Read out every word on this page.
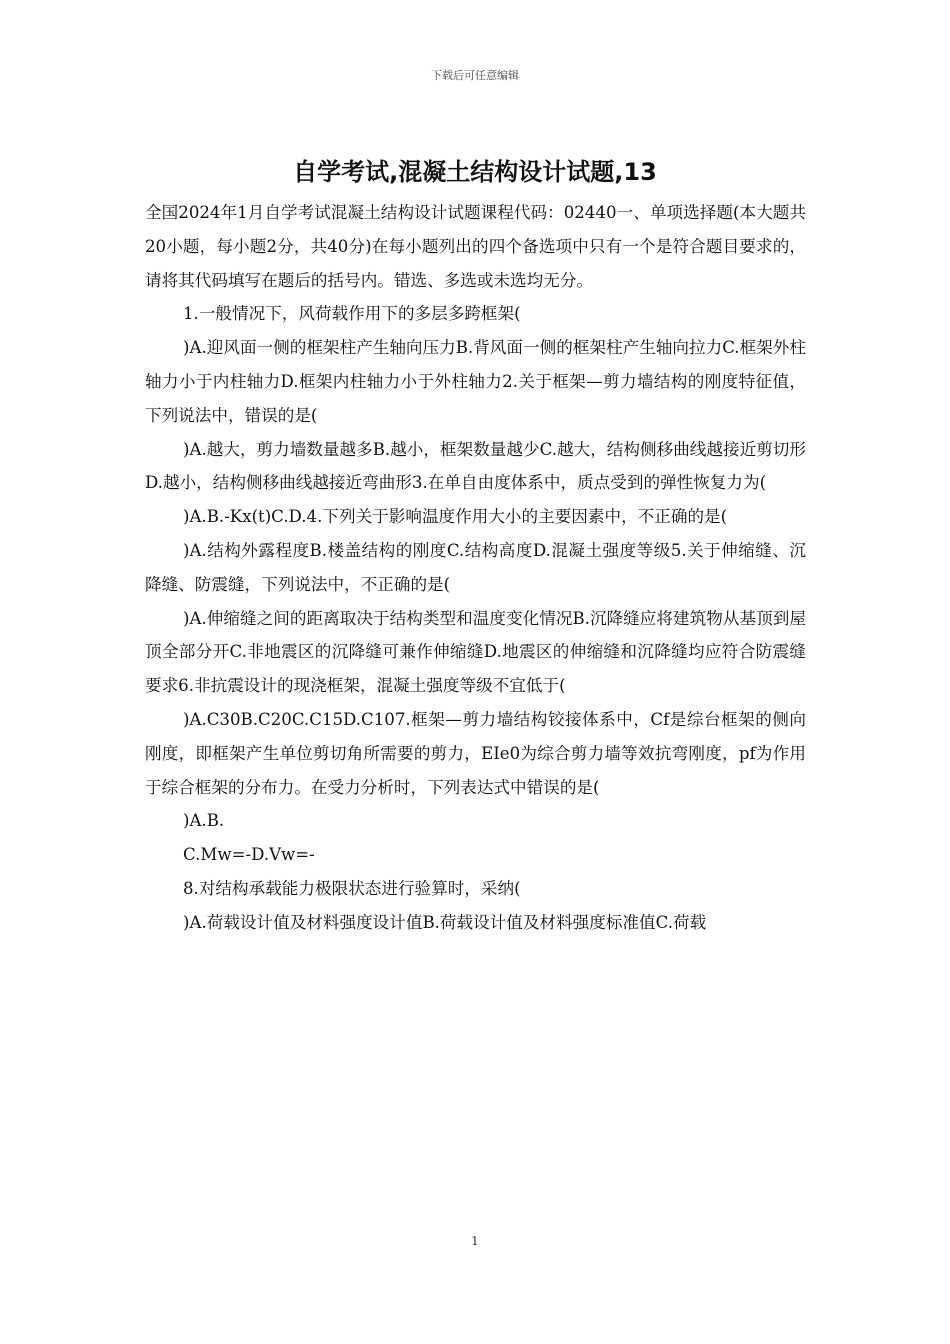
下载后可任意编辑
自学考试,混凝土结构设计试题,13

全国2024年1月自学考试混凝土结构设计试题课程代码：02440一、单项选择题(本大题共20小题，每小题2分，共40分)在每小题列出的四个备选项中只有一个是符合题目要求的，请将其代码填写在题后的括号内。错选、多选或未选均无分。

1.一般情况下，风荷载作用下的多层多跨框架(

)A.迎风面一侧的框架柱产生轴向压力B.背风面一侧的框架柱产生轴向拉力C.框架外柱轴力小于内柱轴力D.框架内柱轴力小于外柱轴力2.关于框架—剪力墙结构的刚度特征值，下列说法中，错误的是(

)A.越大，剪力墙数量越多B.越小，框架数量越少C.越大，结构侧移曲线越接近剪切形D.越小，结构侧移曲线越接近弯曲形3.在单自由度体系中，质点受到的弹性恢复力为(

)A.B.-Kx(t)C.D.4.下列关于影响温度作用大小的主要因素中，不正确的是(

)A.结构外露程度B.楼盖结构的刚度C.结构高度D.混凝土强度等级5.关于伸缩缝、沉降缝、防震缝，下列说法中，不正确的是(

)A.伸缩缝之间的距离取决于结构类型和温度变化情况B.沉降缝应将建筑物从基顶到屋顶全部分开C.非地震区的沉降缝可兼作伸缩缝D.地震区的伸缩缝和沉降缝均应符合防震缝要求6.非抗震设计的现浇框架，混凝土强度等级不宜低于(

)A.C30B.C20C.C15D.C107.框架—剪力墙结构铰接体系中，Cf是综台框架的侧向刚度，即框架产生单位剪切角所需要的剪力，EIe0为综合剪力墙等效抗弯刚度，pf为作用于综合框架的分布力。在受力分析时，下列表达式中错误的是(

)A.B.

C.Mw=-D.Vw=-

8.对结构承载能力极限状态进行验算时，采纳(

)A.荷载设计值及材料强度设计值B.荷载设计值及材料强度标准值C.荷载

1
